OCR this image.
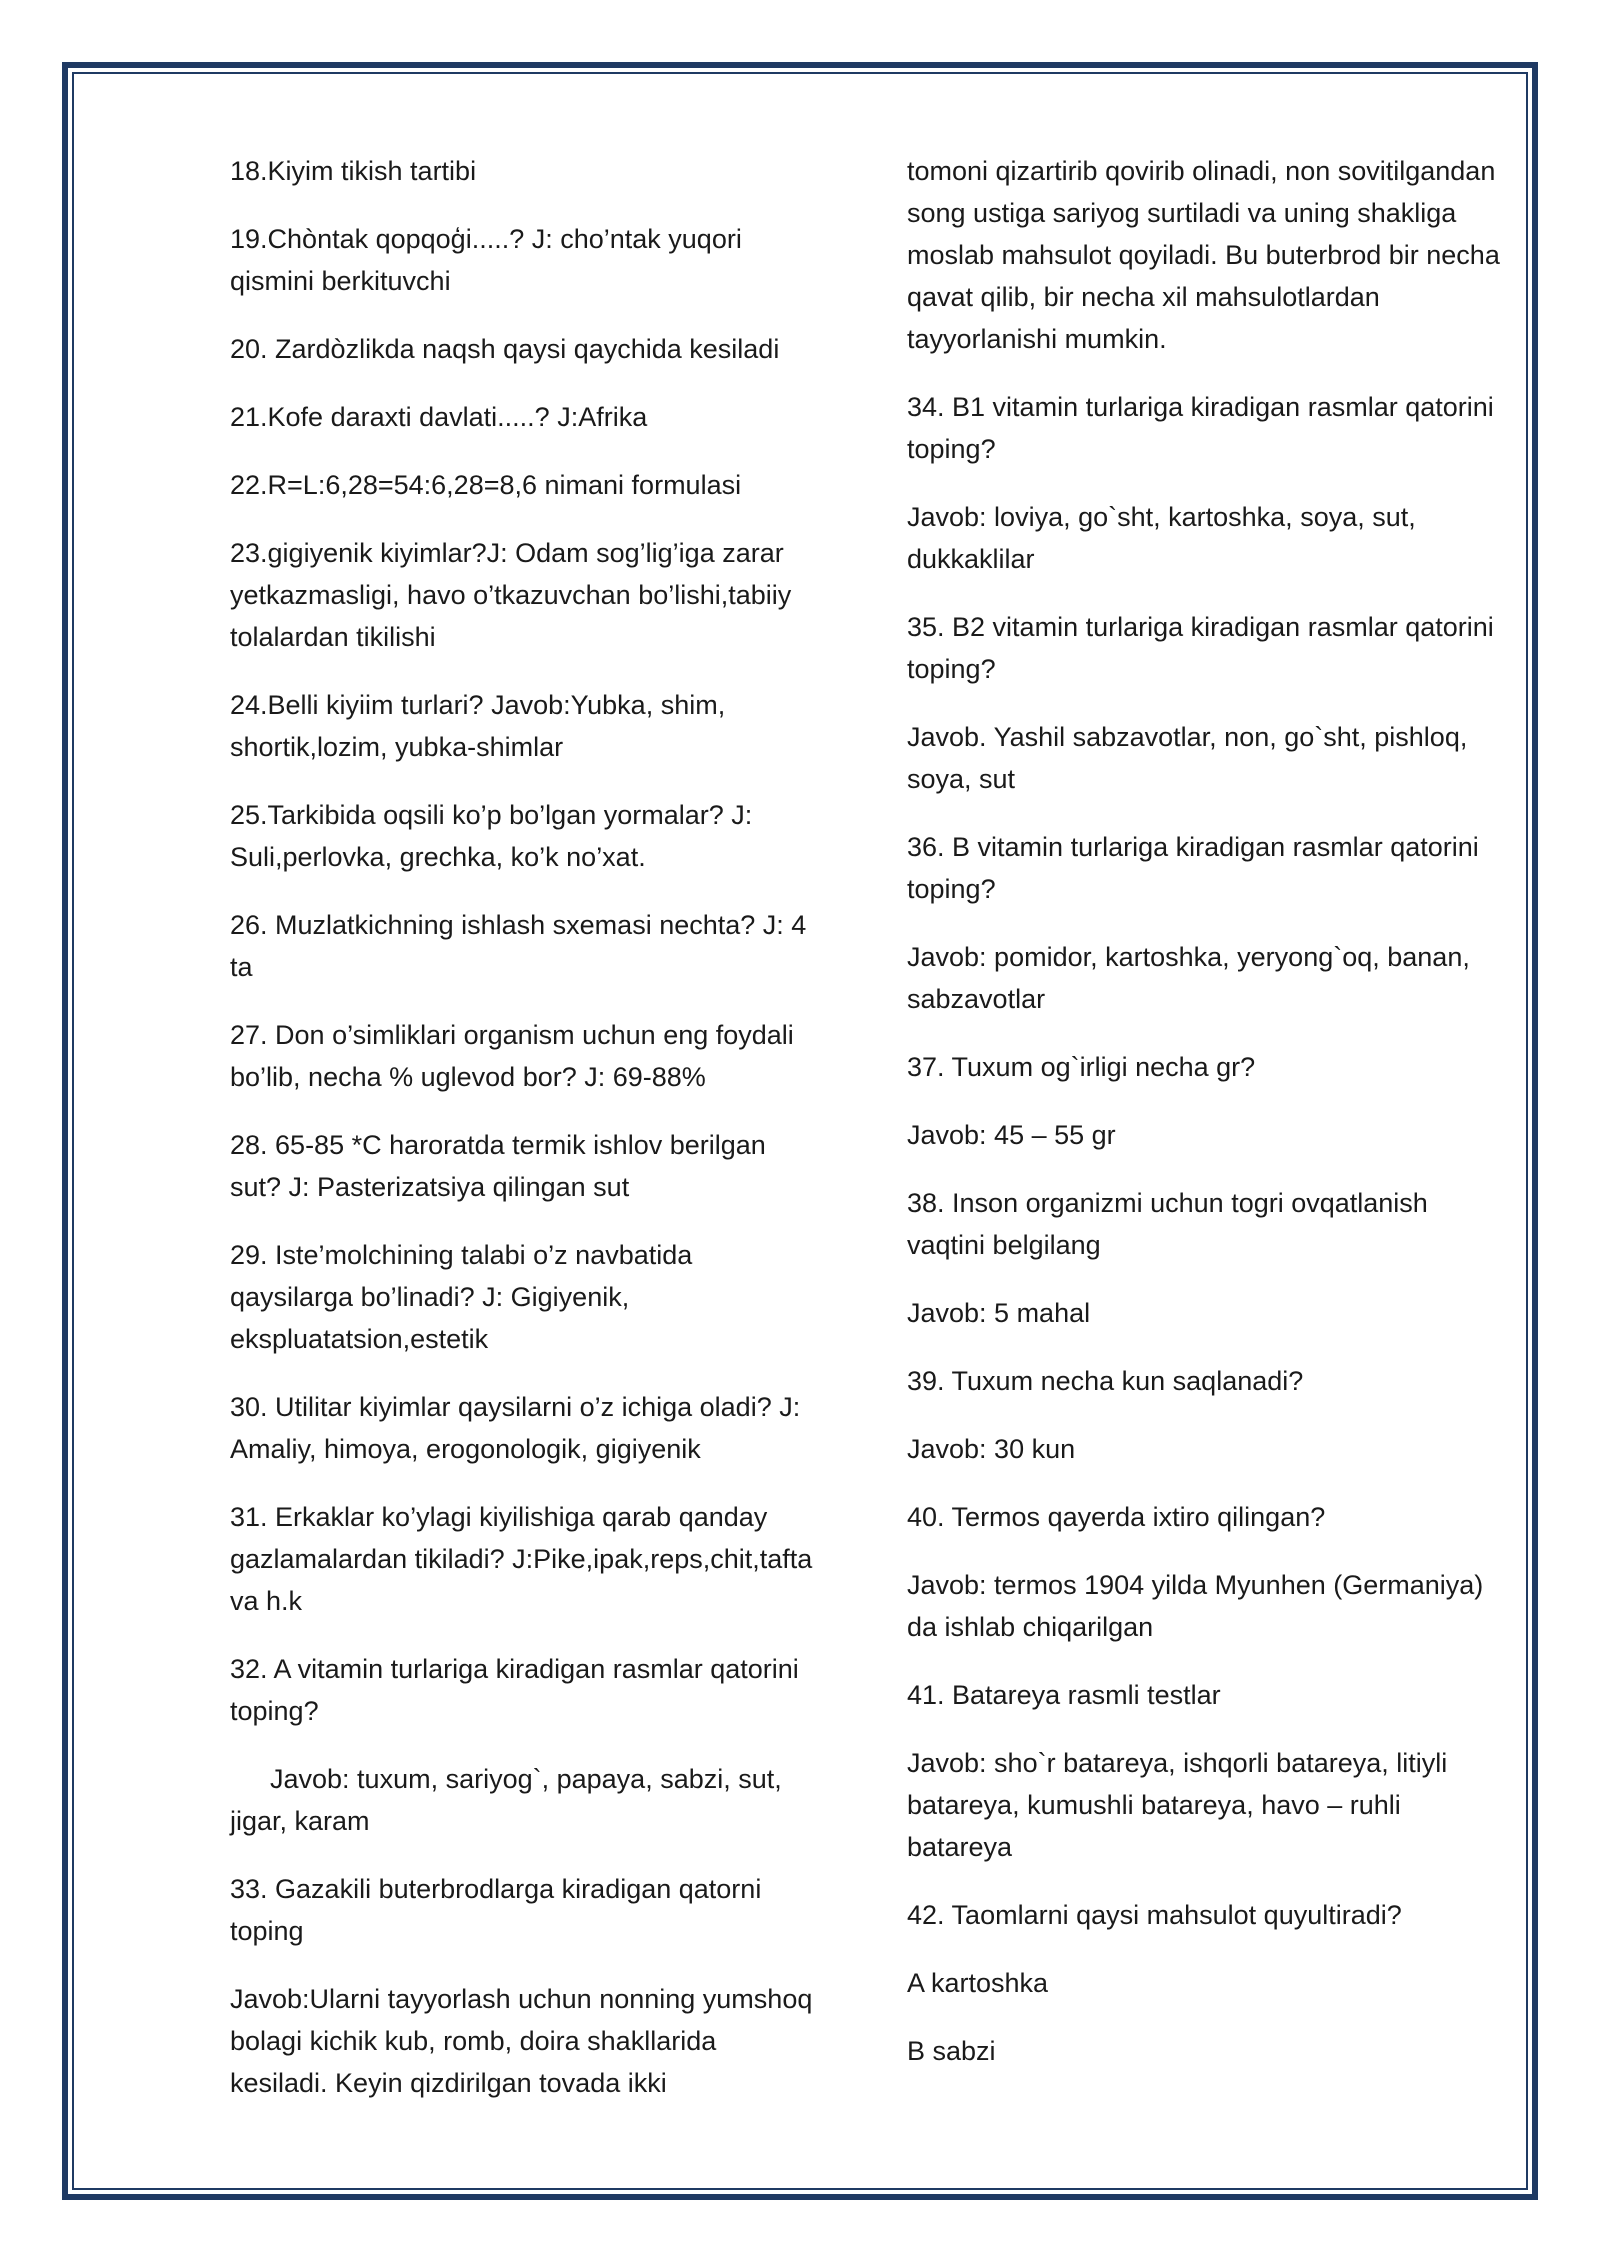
18.Kiyim tikish tartibi

19.Chòntak qopqoģi.....? J: cho’ntak yuqori qismini berkituvchi

20. Zardòzlikda naqsh qaysi qaychida kesiladi

21.Kofe daraxti davlati.....? J:Afrika

22.R=L:6,28=54:6,28=8,6 nimani formulasi

23.gigiyenik kiyimlar?J: Odam sog’lig’iga zarar yetkazmasligi, havo o’tkazuvchan bo’lishi,tabiiy tolalardan tikilishi

24.Belli kiyiim turlari? Javob:Yubka, shim, shortik,lozim, yubka-shimlar

25.Tarkibida oqsili ko’p bo’lgan yormalar? J: Suli,perlovka, grechka, ko’k no’xat.

26. Muzlatkichning ishlash sxemasi nechta? J: 4 ta

27. Don o’simliklari organism uchun eng foydali bo’lib, necha % uglevod bor? J: 69-88%

28. 65-85 *C haroratda termik ishlov berilgan sut? J: Pasterizatsiya qilingan sut

29. Iste’molchining talabi o’z navbatida qaysilarga bo’linadi? J: Gigiyenik, ekspluatatsion,estetik

30. Utilitar kiyimlar qaysilarni o’z ichiga oladi? J: Amaliy, himoya, erogonologik, gigiyenik

31. Erkaklar ko’ylagi kiyilishiga qarab qanday gazlamalardan tikiladi? J:Pike,ipak,reps,chit,tafta va h.k

32. A vitamin turlariga kiradigan rasmlar qatorini toping?

Javob: tuxum, sariyog`, papaya, sabzi, sut, jigar, karam

33. Gazakili buterbrodlarga kiradigan qatorni toping

Javob:Ularni tayyorlash uchun nonning yumshoq bolagi kichik kub, romb, doira shakllarida kesiladi. Keyin qizdirilgan tovada ikki

tomoni qizartirib qovirib olinadi, non sovitilgandan song ustiga sariyog surtiladi va uning shakliga moslab mahsulot qoyiladi. Bu buterbrod bir necha qavat qilib, bir necha xil mahsulotlardan tayyorlanishi mumkin.

34. B1 vitamin turlariga kiradigan rasmlar qatorini toping?

Javob: loviya, go`sht, kartoshka, soya, sut, dukkaklilar

35. B2 vitamin turlariga kiradigan rasmlar qatorini toping?

Javob. Yashil sabzavotlar, non, go`sht, pishloq, soya, sut

36. B vitamin turlariga kiradigan rasmlar qatorini toping?

Javob: pomidor, kartoshka, yeryong`oq, banan, sabzavotlar

37. Tuxum og`irligi necha gr?

Javob: 45 – 55 gr

38. Inson organizmi uchun togri ovqatlanish vaqtini belgilang

Javob: 5 mahal

39. Tuxum necha kun saqlanadi?

Javob: 30 kun

40. Termos qayerda ixtiro qilingan?

Javob: termos 1904 yilda Myunhen (Germaniya) da ishlab chiqarilgan

41. Batareya rasmli testlar

Javob: sho`r batareya, ishqorli batareya, litiyli batareya, kumushli batareya, havo – ruhli batareya

42. Taomlarni qaysi mahsulot quyultiradi?

A kartoshka

B sabzi
